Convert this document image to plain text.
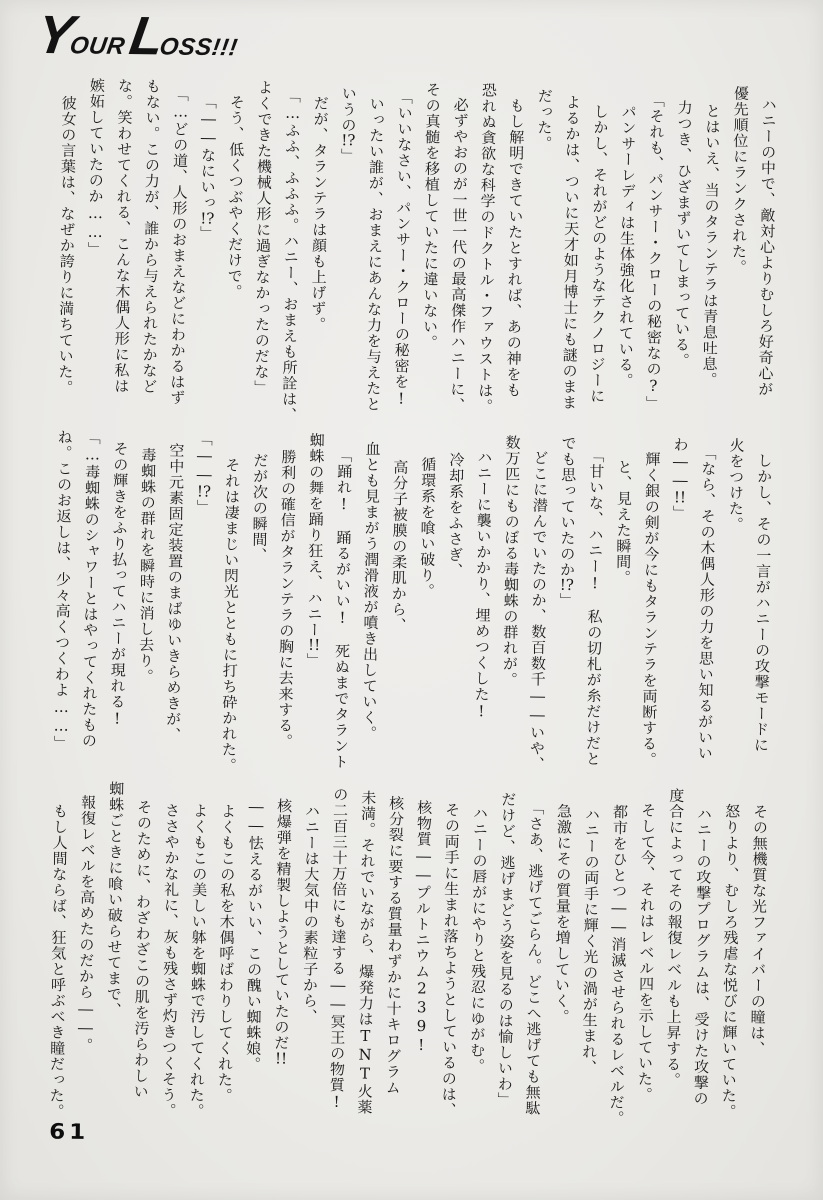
YOURLOSS!!!

ハニーの中で、敵対心よりむしろ好奇心が

優先順位にランクされた。

とはいえ、当のタランテラは青息吐息。

力つき、ひざまずいてしまっている。

「それも、パンサー・クローの秘密なの?」

パンサーレディは生体強化されている。

しかし、それがどのようなテクノロジーに

よるかは、ついに天才如月博士にも謎のまま

だった。

もし解明できていたとすれば、あの神をも

恐れぬ貪欲な科学のドクトル・ファウストは。

必ずやおのが一世一代の最高傑作ハニーに、

その真髄を移植していたに違いない。

「いいなさい、パンサー・クローの秘密を!

いったい誰が、おまえにあんな力を与えたと

いうの!?」

だが、タランテラは顔も上げず。

「…ふふ、ふふふ。ハニー、おまえも所詮は、

よくできた機械人形に過ぎなかったのだな」

そう、低くつぶやくだけで。

「――なにいっ!?」

「…どの道、人形のおまえなどにわかるはず

もない。この力が、誰から与えられたかなど

な。笑わせてくれる、こんな木偶人形に私は

嫉妬していたのか……」

彼女の言葉は、なぜか誇りに満ちていた。

しかし、その一言がハニーの攻撃モードに

火をつけた。

「なら、その木偶人形の力を思い知るがいい

わ――!!」

輝く銀の剣が今にもタランテラを両断する。

と、見えた瞬間。

「甘いな、ハニー!　私の切札が糸だけだと

でも思っていたのか!?」

どこに潜んでいたのか、数百数千――いや、

数万匹にものぼる毒蜘蛛の群れが。

ハニーに襲いかかり、埋めつくした!

冷却系をふさぎ、

循環系を喰い破り。

高分子被膜の柔肌から、

血とも見まがう潤滑液が噴き出していく。

「踊れ!　踊るがいい!　死ぬまでタラント

蜘蛛の舞を踊り狂え、ハニー!!」

勝利の確信がタランテラの胸に去来する。

だが次の瞬間、

それは凄まじい閃光とともに打ち砕かれた。

「――!?」

空中元素固定装置のまばゆいきらめきが、

毒蜘蛛の群れを瞬時に消し去り。

その輝きをふり払ってハニーが現れる!

「…毒蜘蛛のシャワーとはやってくれたもの

ね。このお返しは、少々高くつくわよ……」

その無機質な光ファイバーの瞳は、

怒りより、むしろ残虐な悦びに輝いていた。

ハニーの攻撃プログラムは、受けた攻撃の

度合によってその報復レベルも上昇する。

そして今、それはレベル四を示していた。

都市をひとつ――消滅させられるレベルだ。

ハニーの両手に輝く光の渦が生まれ、

急激にその質量を増していく。

「さあ、逃げてごらん。どこへ逃げても無駄

だけど、逃げまどう姿を見るのは愉しいわ」

ハニーの唇がにやりと残忍にゆがむ。

その両手に生まれ落ちようとしているのは、

核物質――プルトニウム239!

核分裂に要する質量わずかに十キログラム

未満。それでいながら、爆発力はTNT火薬

の二百三十万倍にも達する――冥王の物質!

ハニーは大気中の素粒子から、

核爆弾を精製しようとしていたのだ!!

――怯えるがいい、この醜い蜘蛛娘。

よくもこの私を木偶呼ばわりしてくれた。

よくもこの美しい躰を蜘蛛で汚してくれた。

ささやかな礼に、灰も残さず灼きつくそう。

そのために、わざわざこの肌を汚らわしい

蜘蛛ごときに喰い破らせてまで、

報復レベルを高めたのだから――。

もし人間ならば、狂気と呼ぶべき瞳だった。

61
